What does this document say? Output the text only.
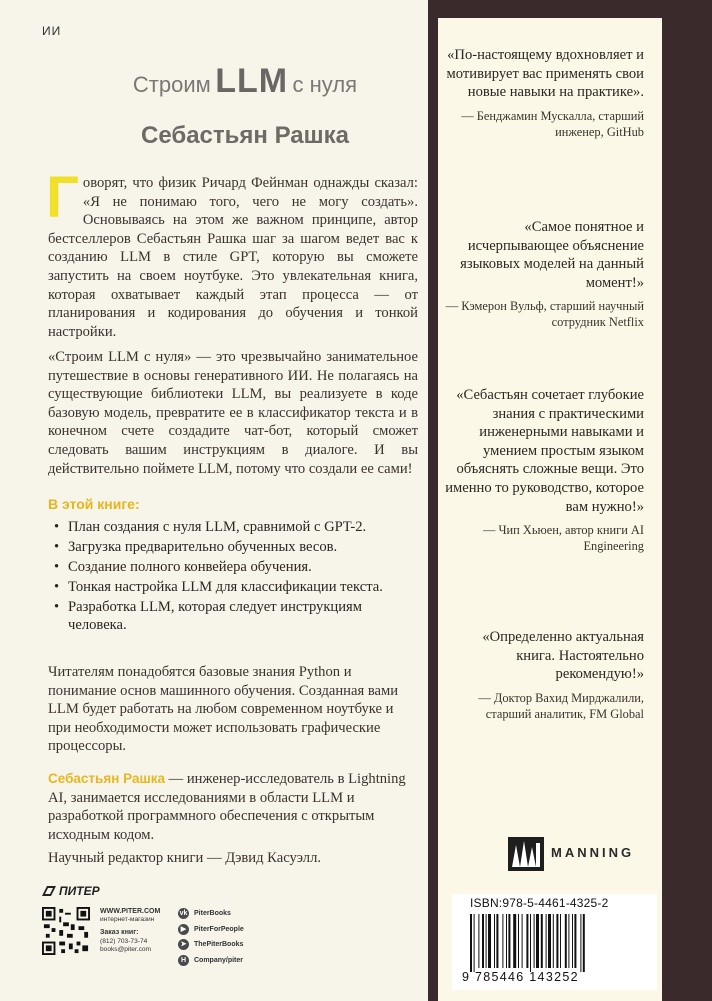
ИИ
Строим LLM с нуля
Себастьян Рашка
Говорят, что физик Ричард Фейнман однажды сказал: «Я не понимаю того, чего не могу создать». Основываясь на этом же важном принципе, автор бестселлеров Себастьян Рашка шаг за шагом ведет вас к созданию LLM в стиле GPT, которую вы сможете запустить на своем ноутбуке. Это увлекательная книга, которая охватывает каждый этап процесса — от планирования и кодирования до обучения и тонкой настройки.
«Строим LLM с нуля» — это чрезвычайно занимательное путешествие в основы генеративного ИИ. Не полагаясь на существующие библиотеки LLM, вы реализуете в коде базовую модель, превратите ее в классификатор текста и в конечном счете создадите чат-бот, который сможет следовать вашим инструкциям в диалоге. И вы действительно поймете LLM, потому что создали ее сами!
В этой книге:
• План создания с нуля LLM, сравнимой с GPT-2.
• Загрузка предварительно обученных весов.
• Создание полного конвейера обучения.
• Тонкая настройка LLM для классификации текста.
• Разработка LLM, которая следует инструкциям человека.
Читателям понадобятся базовые знания Python и понимание основ машинного обучения. Созданная вами LLM будет работать на любом современном ноутбуке и при необходимости может использовать графические процессоры.
Себастьян Рашка — инженер-исследователь в Lightning AI, занимается исследованиями в области LLM и разработкой программного обеспечения с открытым исходным кодом.
Научный редактор книги — Дэвид Касуэлл.
«По-настоящему вдохновляет и мотивирует вас применять свои новые навыки на практике».
— Бенджамин Мускалла, старший инженер, GitHub
«Самое понятное и исчерпывающее объяснение языковых моделей на данный момент!»
— Кэмерон Вульф, старший научный сотрудник Netflix
«Себастьян сочетает глубокие знания с практическими инженерными навыками и умением простым языком объяснять сложные вещи. Это именно то руководство, которое вам нужно!»
— Чип Хьюен, автор книги AI Engineering
«Определенно актуальная книга. Настоятельно рекомендую!»
— Доктор Вахид Мирджалили, старший аналитик, FM Global
MANNING
ПИТЕР
WWW.PITER.COM
интернет-магазин

Заказ книг:
(812) 703-73-74
books@piter.com
vk PiterBooks
▶	PiterForPeople
➤	ThePiterBooks
H	Company/piter
ISBN:978-5-4461-4325-2
9 785446 143252
